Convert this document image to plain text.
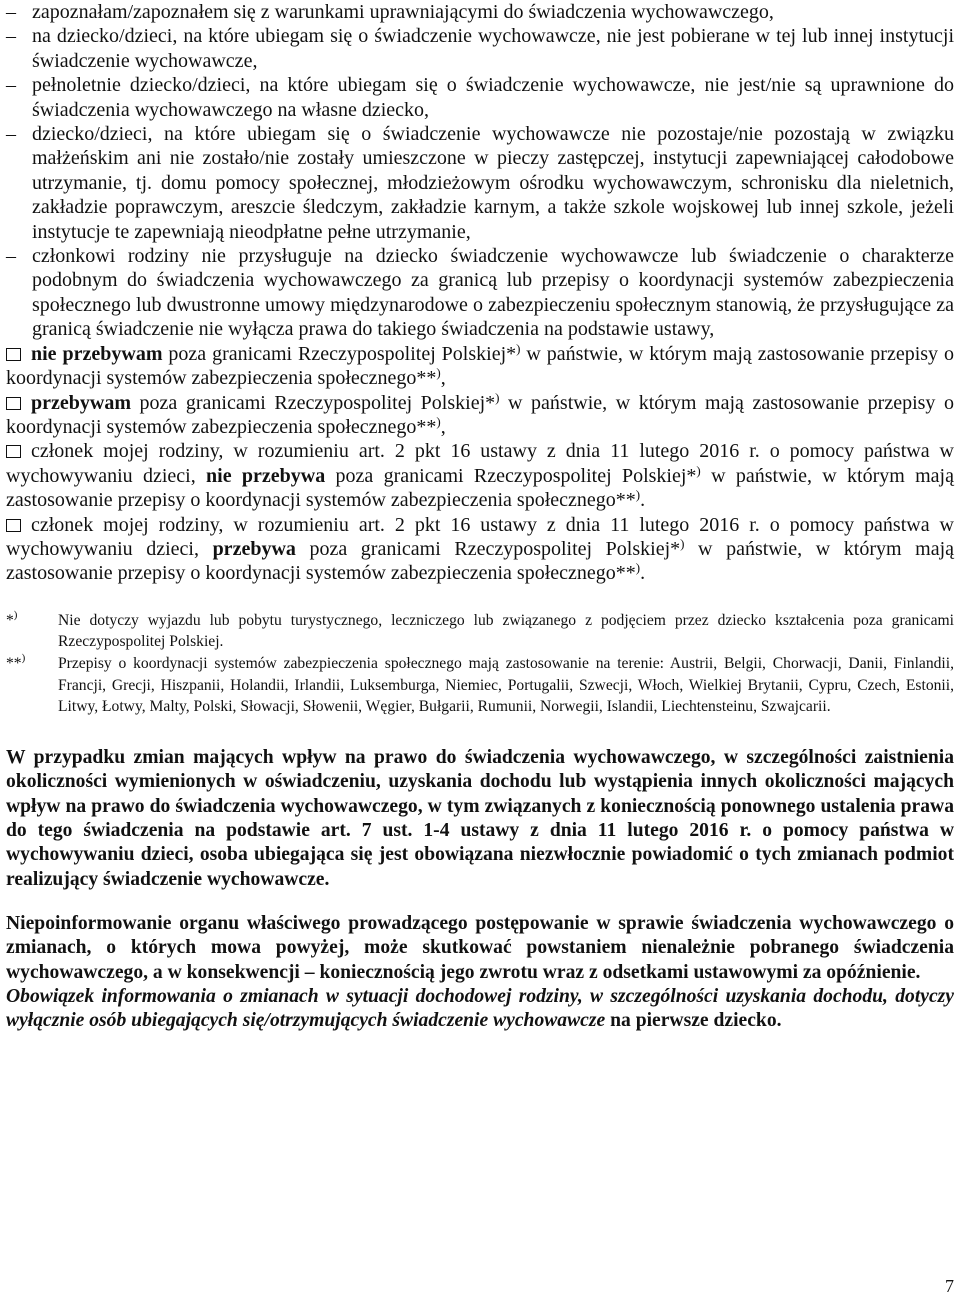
– zapoznałam/zapoznałem się z warunkami uprawniającymi do świadczenia wychowawczego,
– na dziecko/dzieci, na które ubiegam się o świadczenie wychowawcze, nie jest pobierane w tej lub innej instytucji świadczenie wychowawcze,
– pełnoletnie dziecko/dzieci, na które ubiegam się o świadczenie wychowawcze, nie jest/nie są uprawnione do świadczenia wychowawczego na własne dziecko,
– dziecko/dzieci, na które ubiegam się o świadczenie wychowawcze nie pozostaje/nie pozostają w związku małżeńskim ani nie zostało/nie zostały umieszczone w pieczy zastępczej, instytucji zapewniającej całodobowe utrzymanie, tj. domu pomocy społecznej, młodzieżowym ośrodku wychowawczym, schronisku dla nieletnich, zakładzie poprawczym, areszcie śledczym, zakładzie karnym, a także szkole wojskowej lub innej szkole, jeżeli instytucje te zapewniają nieodpłatne pełne utrzymanie,
– członkowi rodziny nie przysługuje na dziecko świadczenie wychowawcze lub świadczenie o charakterze podobnym do świadczenia wychowawczego za granicą lub przepisy o koordynacji systemów zabezpieczenia społecznego lub dwustronne umowy międzynarodowe o zabezpieczeniu społecznym stanowią, że przysługujące za granicą świadczenie nie wyłącza prawa do takiego świadczenia na podstawie ustawy,

nie przebywam poza granicami Rzeczypospolitej Polskiej*) w państwie, w którym mają zastosowanie przepisy o koordynacji systemów zabezpieczenia społecznego**),

przebywam poza granicami Rzeczypospolitej Polskiej*) w państwie, w którym mają zastosowanie przepisy o koordynacji systemów zabezpieczenia społecznego**),

członek mojej rodziny, w rozumieniu art. 2 pkt 16 ustawy z dnia 11 lutego 2016 r. o pomocy państwa w wychowywaniu dzieci, nie przebywa poza granicami Rzeczypospolitej Polskiej*) w państwie, w którym mają zastosowanie przepisy o koordynacji systemów zabezpieczenia społecznego**).

członek mojej rodziny, w rozumieniu art. 2 pkt 16 ustawy z dnia 11 lutego 2016 r. o pomocy państwa w wychowywaniu dzieci, przebywa poza granicami Rzeczypospolitej Polskiej*) w państwie, w którym mają zastosowanie przepisy o koordynacji systemów zabezpieczenia społecznego**).

*)	Nie dotyczy wyjazdu lub pobytu turystycznego, leczniczego lub związanego z podjęciem przez dziecko kształcenia poza granicami Rzeczypospolitej Polskiej.
**)	Przepisy o koordynacji systemów zabezpieczenia społecznego mają zastosowanie na terenie: Austrii, Belgii, Chorwacji, Danii, Finlandii, Francji, Grecji, Hiszpanii, Holandii, Irlandii, Luksemburga, Niemiec, Portugalii, Szwecji, Włoch, Wielkiej Brytanii, Cypru, Czech, Estonii, Litwy, Łotwy, Malty, Polski, Słowacji, Słowenii, Węgier, Bułgarii, Rumunii, Norwegii, Islandii, Liechtensteinu, Szwajcarii.

W przypadku zmian mających wpływ na prawo do świadczenia wychowawczego, w szczególności zaistnienia okoliczności wymienionych w oświadczeniu, uzyskania dochodu lub wystąpienia innych okoliczności mających wpływ na prawo do świadczenia wychowawczego, w tym związanych z koniecznością ponownego ustalenia prawa do tego świadczenia na podstawie art. 7 ust. 1-4 ustawy z dnia 11 lutego 2016 r. o pomocy państwa w wychowywaniu dzieci, osoba ubiegająca się jest obowiązana niezwłocznie powiadomić o tych zmianach podmiot realizujący świadczenie wychowawcze.

Niepoinformowanie organu właściwego prowadzącego postępowanie w sprawie świadczenia wychowawczego o zmianach, o których mowa powyżej, może skutkować powstaniem nienależnie pobranego świadczenia wychowawczego, a w konsekwencji – koniecznością jego zwrotu wraz z odsetkami ustawowymi za opóźnienie.

Obowiązek informowania o zmianach w sytuacji dochodowej rodziny, w szczególności uzyskania dochodu, dotyczy wyłącznie osób ubiegających się/otrzymujących świadczenie wychowawcze na pierwsze dziecko.

7
